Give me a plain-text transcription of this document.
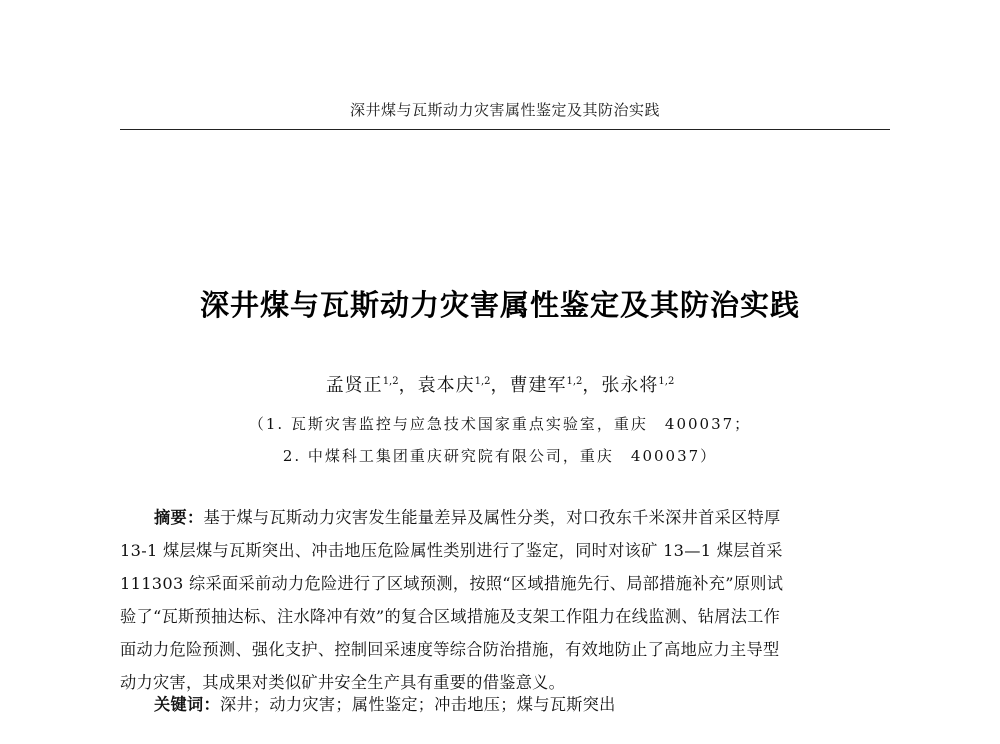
深井煤与瓦斯动力灾害属性鉴定及其防治实践
深井煤与瓦斯动力灾害属性鉴定及其防治实践
孟贤正$^{1,2}$，袁本庆$^{1,2}$，曹建军$^{1,2}$，张永将$^{1,2}$
（1. 瓦斯灾害监控与应急技术国家重点实验室，重庆　400037；
2. 中煤科工集团重庆研究院有限公司，重庆　400037）
摘要：基于煤与瓦斯动力灾害发生能量差异及属性分类，对口孜东千米深井首采区特厚
13-1 煤层煤与瓦斯突出、冲击地压危险属性类别进行了鉴定，同时对该矿 13—1 煤层首采
111303 综采面采前动力危险进行了区域预测，按照“区域措施先行、局部措施补充”原则试
验了“瓦斯预抽达标、注水降冲有效”的复合区域措施及支架工作阻力在线监测、钻屑法工作
面动力危险预测、强化支护、控制回采速度等综合防治措施，有效地防止了高地应力主导型
动力灾害，其成果对类似矿井安全生产具有重要的借鉴意义。
关键词：深井；动力灾害；属性鉴定；冲击地压；煤与瓦斯突出
